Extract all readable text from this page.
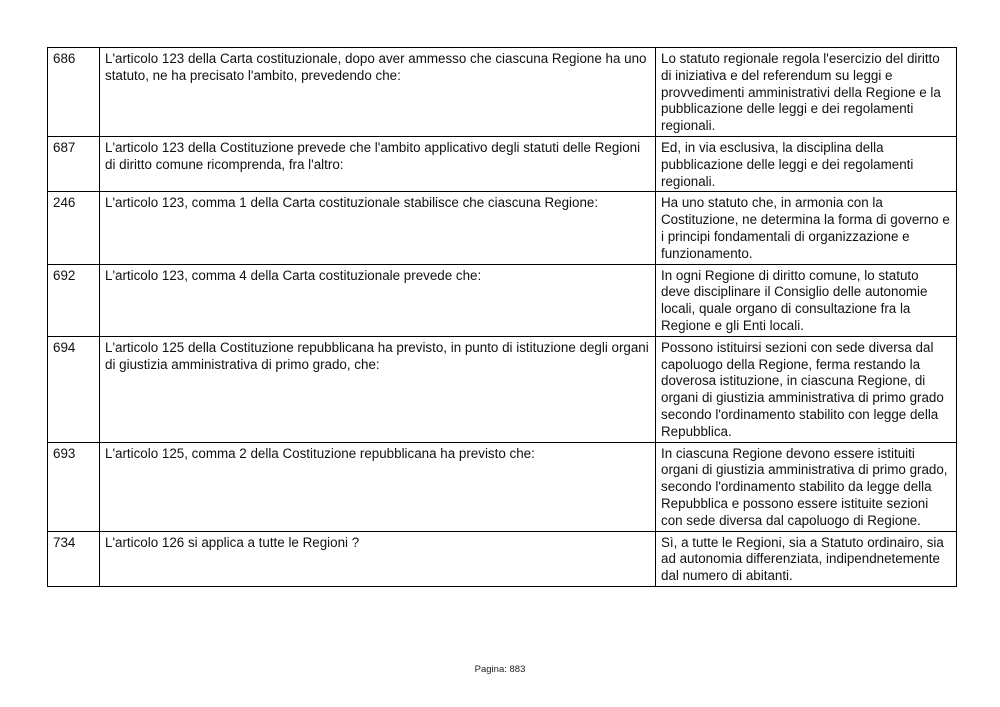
686	L'articolo 123 della Carta costituzionale, dopo aver ammesso che ciascuna Regione ha uno statuto, ne ha precisato l'ambito, prevedendo che:	Lo statuto regionale regola l'esercizio del diritto di iniziativa e del referendum su leggi e provvedimenti amministrativi della Regione e la pubblicazione delle leggi e dei regolamenti regionali.
687	L'articolo 123 della Costituzione prevede che l'ambito applicativo degli statuti delle Regioni di diritto comune ricomprenda, fra l'altro:	Ed, in via esclusiva, la disciplina della pubblicazione delle leggi e dei regolamenti regionali.
246	L'articolo 123, comma 1 della Carta costituzionale stabilisce che ciascuna Regione:	Ha uno statuto che, in armonia con la Costituzione, ne determina la forma di governo e i principi fondamentali di organizzazione e funzionamento.
692	L'articolo 123, comma 4 della Carta costituzionale prevede che:	In ogni Regione di diritto comune, lo statuto deve disciplinare il Consiglio delle autonomie locali, quale organo di consultazione fra la Regione e gli Enti locali.
694	L'articolo 125 della Costituzione repubblicana ha previsto, in punto di istituzione degli organi di giustizia amministrativa di primo grado, che:	Possono istituirsi sezioni con sede diversa dal capoluogo della Regione, ferma restando la doverosa istituzione, in ciascuna Regione, di organi di giustizia amministrativa di primo grado secondo l'ordinamento stabilito con legge della Repubblica.
693	L'articolo 125, comma 2 della Costituzione repubblicana ha previsto che:	In ciascuna Regione devono essere istituiti organi di giustizia amministrativa di primo grado, secondo l'ordinamento stabilito da legge della Repubblica e possono essere istituite sezioni con sede diversa dal capoluogo di Regione.
734	L'articolo 126 si applica a tutte le Regioni ?	Sì, a tutte le Regioni, sia a Statuto ordinairo, sia ad autonomia differenziata, indipendnetemente dal numero di abitanti.
Pagina: 883
